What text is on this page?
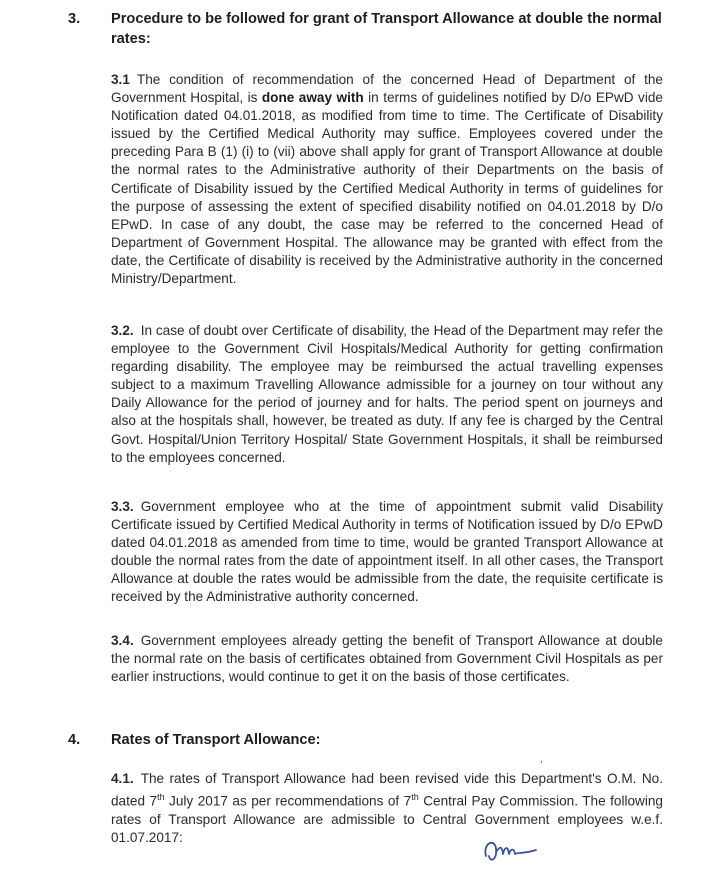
3. Procedure to be followed for grant of Transport Allowance at double the normal
rates:
3.1 The condition of recommendation of the concerned Head of Department of the Government Hospital, is done away with in terms of guidelines notified by D/o EPwD vide Notification dated 04.01.2018, as modified from time to time. The Certificate of Disability issued by the Certified Medical Authority may suffice. Employees covered under the preceding Para B (1) (i) to (vii) above shall apply for grant of Transport Allowance at double the normal rates to the Administrative authority of their Departments on the basis of Certificate of Disability issued by the Certified Medical Authority in terms of guidelines for the purpose of assessing the extent of specified disability notified on 04.01.2018 by D/o EPwD. In case of any doubt, the case may be referred to the concerned Head of Department of Government Hospital. The allowance may be granted with effect from the date, the Certificate of disability is received by the Administrative authority in the concerned Ministry/Department.
3.2. In case of doubt over Certificate of disability, the Head of the Department may refer the employee to the Government Civil Hospitals/Medical Authority for getting confirmation regarding disability. The employee may be reimbursed the actual travelling expenses subject to a maximum Travelling Allowance admissible for a journey on tour without any Daily Allowance for the period of journey and for halts. The period spent on journeys and also at the hospitals shall, however, be treated as duty. If any fee is charged by the Central Govt. Hospital/Union Territory Hospital/ State Government Hospitals, it shall be reimbursed to the employees concerned.
3.3. Government employee who at the time of appointment submit valid Disability Certificate issued by Certified Medical Authority in terms of Notification issued by D/o EPwD dated 04.01.2018 as amended from time to time, would be granted Transport Allowance at double the normal rates from the date of appointment itself. In all other cases, the Transport Allowance at double the rates would be admissible from the date, the requisite certificate is received by the Administrative authority concerned.
3.4. Government employees already getting the benefit of Transport Allowance at double the normal rate on the basis of certificates obtained from Government Civil Hospitals as per earlier instructions, would continue to get it on the basis of those certificates.
4. Rates of Transport Allowance:
,
4.1. The rates of Transport Allowance had been revised vide this Department's O.M. No. dated 7th July 2017 as per recommendations of 7th Central Pay Commission. The following rates of Transport Allowance are admissible to Central Government employees w.e.f. 01.07.2017:
